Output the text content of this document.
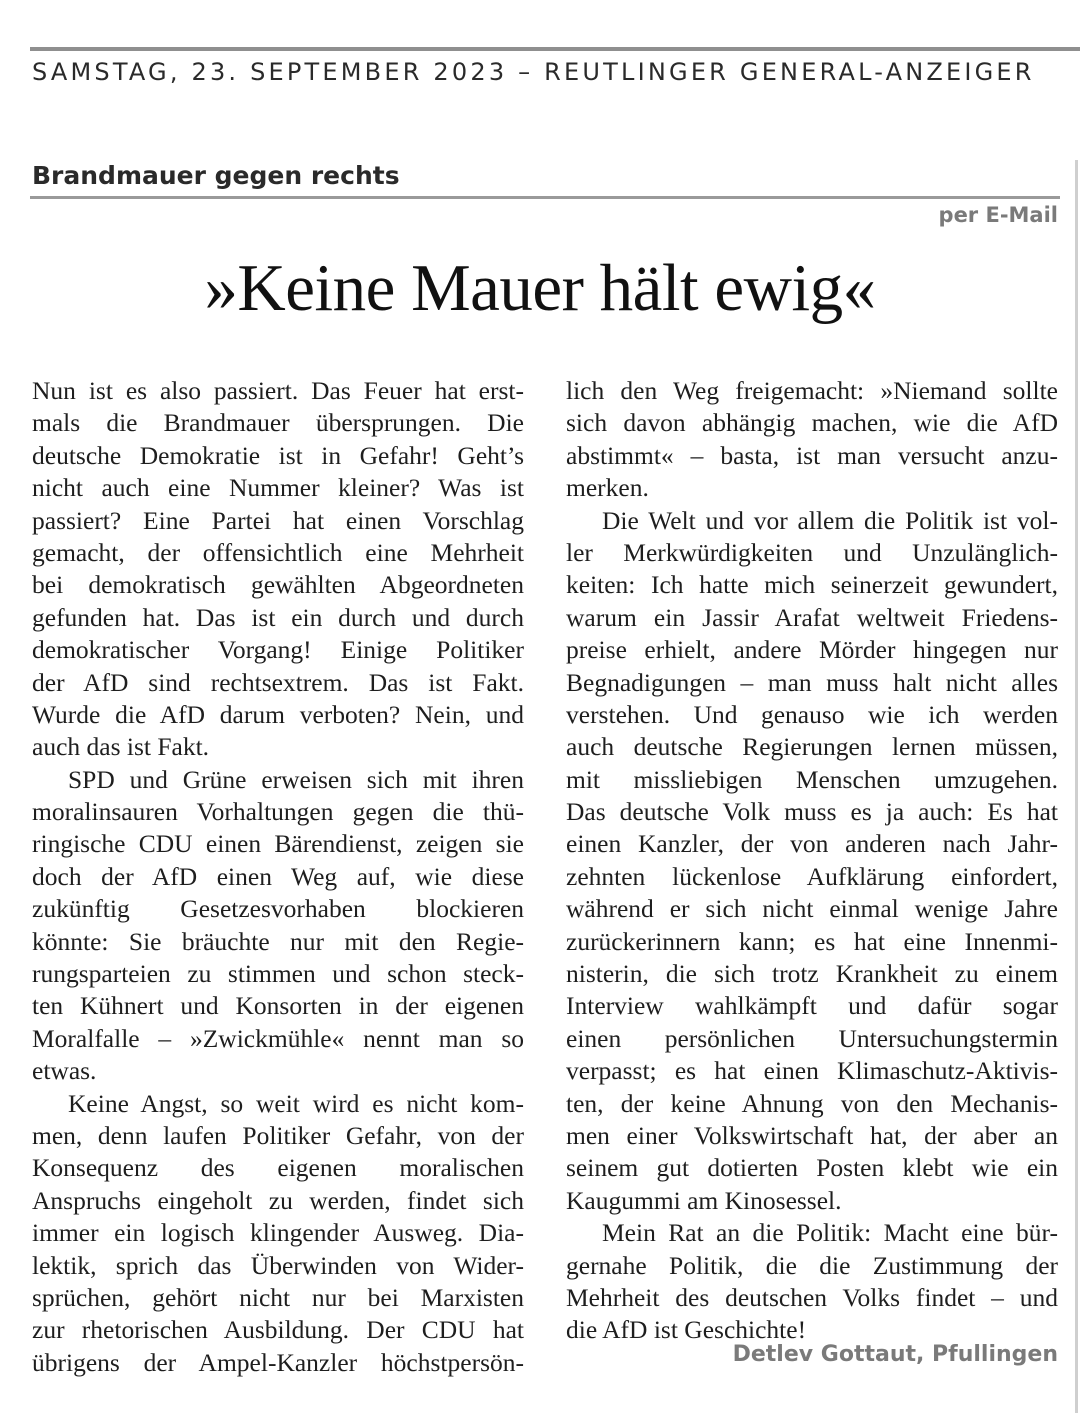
SAMSTAG, 23. SEPTEMBER 2023 – REUTLINGER GENERAL-ANZEIGER
Brandmauer gegen rechts
per E-Mail
»Keine Mauer hält ewig«
Nun ist es also passiert. Das Feuer hat erst-
mals die Brandmauer übersprungen. Die
deutsche Demokratie ist in Gefahr! Geht’s
nicht auch eine Nummer kleiner? Was ist
passiert? Eine Partei hat einen Vorschlag
gemacht, der offensichtlich eine Mehrheit
bei demokratisch gewählten Abgeordneten
gefunden hat. Das ist ein durch und durch
demokratischer Vorgang! Einige Politiker
der AfD sind rechtsextrem. Das ist Fakt.
Wurde die AfD darum verboten? Nein, und
auch das ist Fakt.
SPD und Grüne erweisen sich mit ihren
moralinsauren Vorhaltungen gegen die thü-
ringische CDU einen Bärendienst, zeigen sie
doch der AfD einen Weg auf, wie diese
zukünftig Gesetzesvorhaben blockieren
könnte: Sie bräuchte nur mit den Regie-
rungsparteien zu stimmen und schon steck-
ten Kühnert und Konsorten in der eigenen
Moralfalle – »Zwickmühle« nennt man so
etwas.
Keine Angst, so weit wird es nicht kom-
men, denn laufen Politiker Gefahr, von der
Konsequenz des eigenen moralischen
Anspruchs eingeholt zu werden, findet sich
immer ein logisch klingender Ausweg. Dia-
lektik, sprich das Überwinden von Wider-
sprüchen, gehört nicht nur bei Marxisten
zur rhetorischen Ausbildung. Der CDU hat
übrigens der Ampel-Kanzler höchstpersön-
lich den Weg freigemacht: »Niemand sollte
sich davon abhängig machen, wie die AfD
abstimmt« – basta, ist man versucht anzu-
merken.
Die Welt und vor allem die Politik ist vol-
ler Merkwürdigkeiten und Unzulänglich-
keiten: Ich hatte mich seinerzeit gewundert,
warum ein Jassir Arafat weltweit Friedens-
preise erhielt, andere Mörder hingegen nur
Begnadigungen – man muss halt nicht alles
verstehen. Und genauso wie ich werden
auch deutsche Regierungen lernen müssen,
mit missliebigen Menschen umzugehen.
Das deutsche Volk muss es ja auch: Es hat
einen Kanzler, der von anderen nach Jahr-
zehnten lückenlose Aufklärung einfordert,
während er sich nicht einmal wenige Jahre
zurückerinnern kann; es hat eine Innenmi-
nisterin, die sich trotz Krankheit zu einem
Interview wahlkämpft und dafür sogar
einen persönlichen Untersuchungstermin
verpasst; es hat einen Klimaschutz-Aktivis-
ten, der keine Ahnung von den Mechanis-
men einer Volkswirtschaft hat, der aber an
seinem gut dotierten Posten klebt wie ein
Kaugummi am Kinosessel.
Mein Rat an die Politik: Macht eine bür-
gernahe Politik, die die Zustimmung der
Mehrheit des deutschen Volks findet – und
die AfD ist Geschichte!
Detlev Gottaut, Pfullingen
